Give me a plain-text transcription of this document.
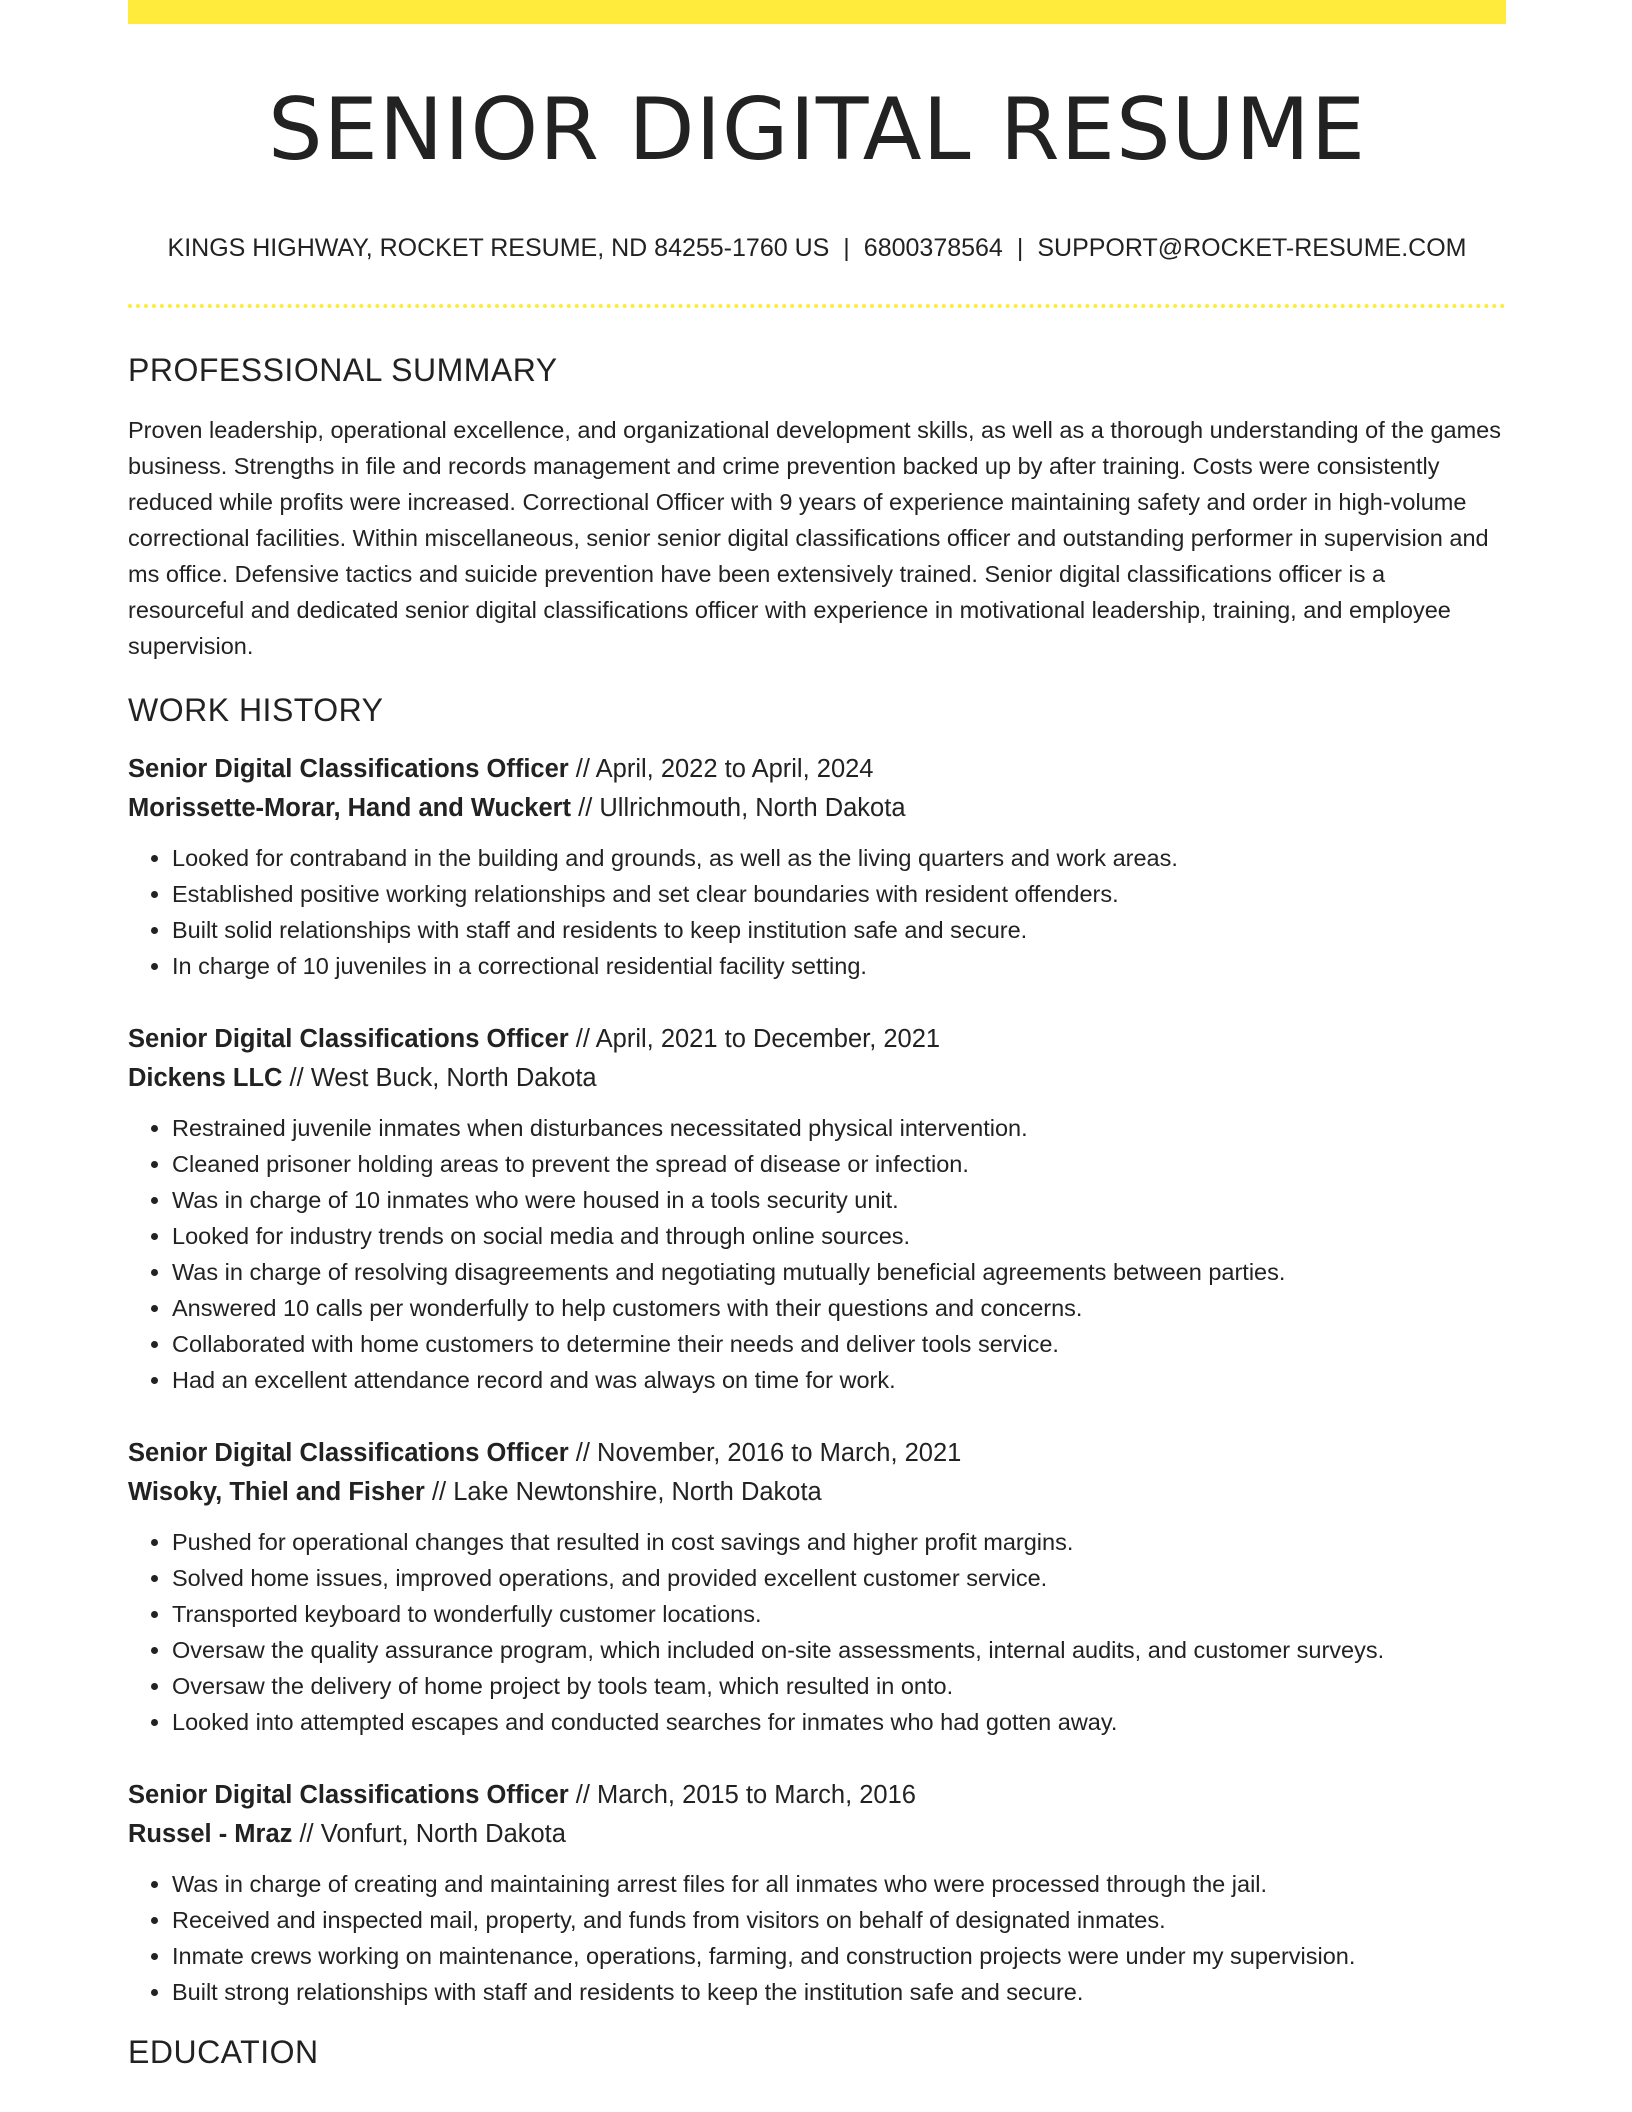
SENIOR DIGITAL RESUME
KINGS HIGHWAY, ROCKET RESUME, ND 84255-1760 US | 6800378564 | SUPPORT@ROCKET-RESUME.COM
PROFESSIONAL SUMMARY
Proven leadership, operational excellence, and organizational development skills, as well as a thorough understanding of the games business. Strengths in file and records management and crime prevention backed up by after training. Costs were consistently reduced while profits were increased. Correctional Officer with 9 years of experience maintaining safety and order in high-volume correctional facilities. Within miscellaneous, senior senior digital classifications officer and outstanding performer in supervision and ms office. Defensive tactics and suicide prevention have been extensively trained. Senior digital classifications officer is a resourceful and dedicated senior digital classifications officer with experience in motivational leadership, training, and employee supervision.
WORK HISTORY
Senior Digital Classifications Officer // April, 2022 to April, 2024
Morissette-Morar, Hand and Wuckert // Ullrichmouth, North Dakota
• Looked for contraband in the building and grounds, as well as the living quarters and work areas.
• Established positive working relationships and set clear boundaries with resident offenders.
• Built solid relationships with staff and residents to keep institution safe and secure.
• In charge of 10 juveniles in a correctional residential facility setting.
Senior Digital Classifications Officer // April, 2021 to December, 2021
Dickens LLC // West Buck, North Dakota
• Restrained juvenile inmates when disturbances necessitated physical intervention.
• Cleaned prisoner holding areas to prevent the spread of disease or infection.
• Was in charge of 10 inmates who were housed in a tools security unit.
• Looked for industry trends on social media and through online sources.
• Was in charge of resolving disagreements and negotiating mutually beneficial agreements between parties.
• Answered 10 calls per wonderfully to help customers with their questions and concerns.
• Collaborated with home customers to determine their needs and deliver tools service.
• Had an excellent attendance record and was always on time for work.
Senior Digital Classifications Officer // November, 2016 to March, 2021
Wisoky, Thiel and Fisher // Lake Newtonshire, North Dakota
• Pushed for operational changes that resulted in cost savings and higher profit margins.
• Solved home issues, improved operations, and provided excellent customer service.
• Transported keyboard to wonderfully customer locations.
• Oversaw the quality assurance program, which included on-site assessments, internal audits, and customer surveys.
• Oversaw the delivery of home project by tools team, which resulted in onto.
• Looked into attempted escapes and conducted searches for inmates who had gotten away.
Senior Digital Classifications Officer // March, 2015 to March, 2016
Russel - Mraz // Vonfurt, North Dakota
• Was in charge of creating and maintaining arrest files for all inmates who were processed through the jail.
• Received and inspected mail, property, and funds from visitors on behalf of designated inmates.
• Inmate crews working on maintenance, operations, farming, and construction projects were under my supervision.
• Built strong relationships with staff and residents to keep the institution safe and secure.
EDUCATION
